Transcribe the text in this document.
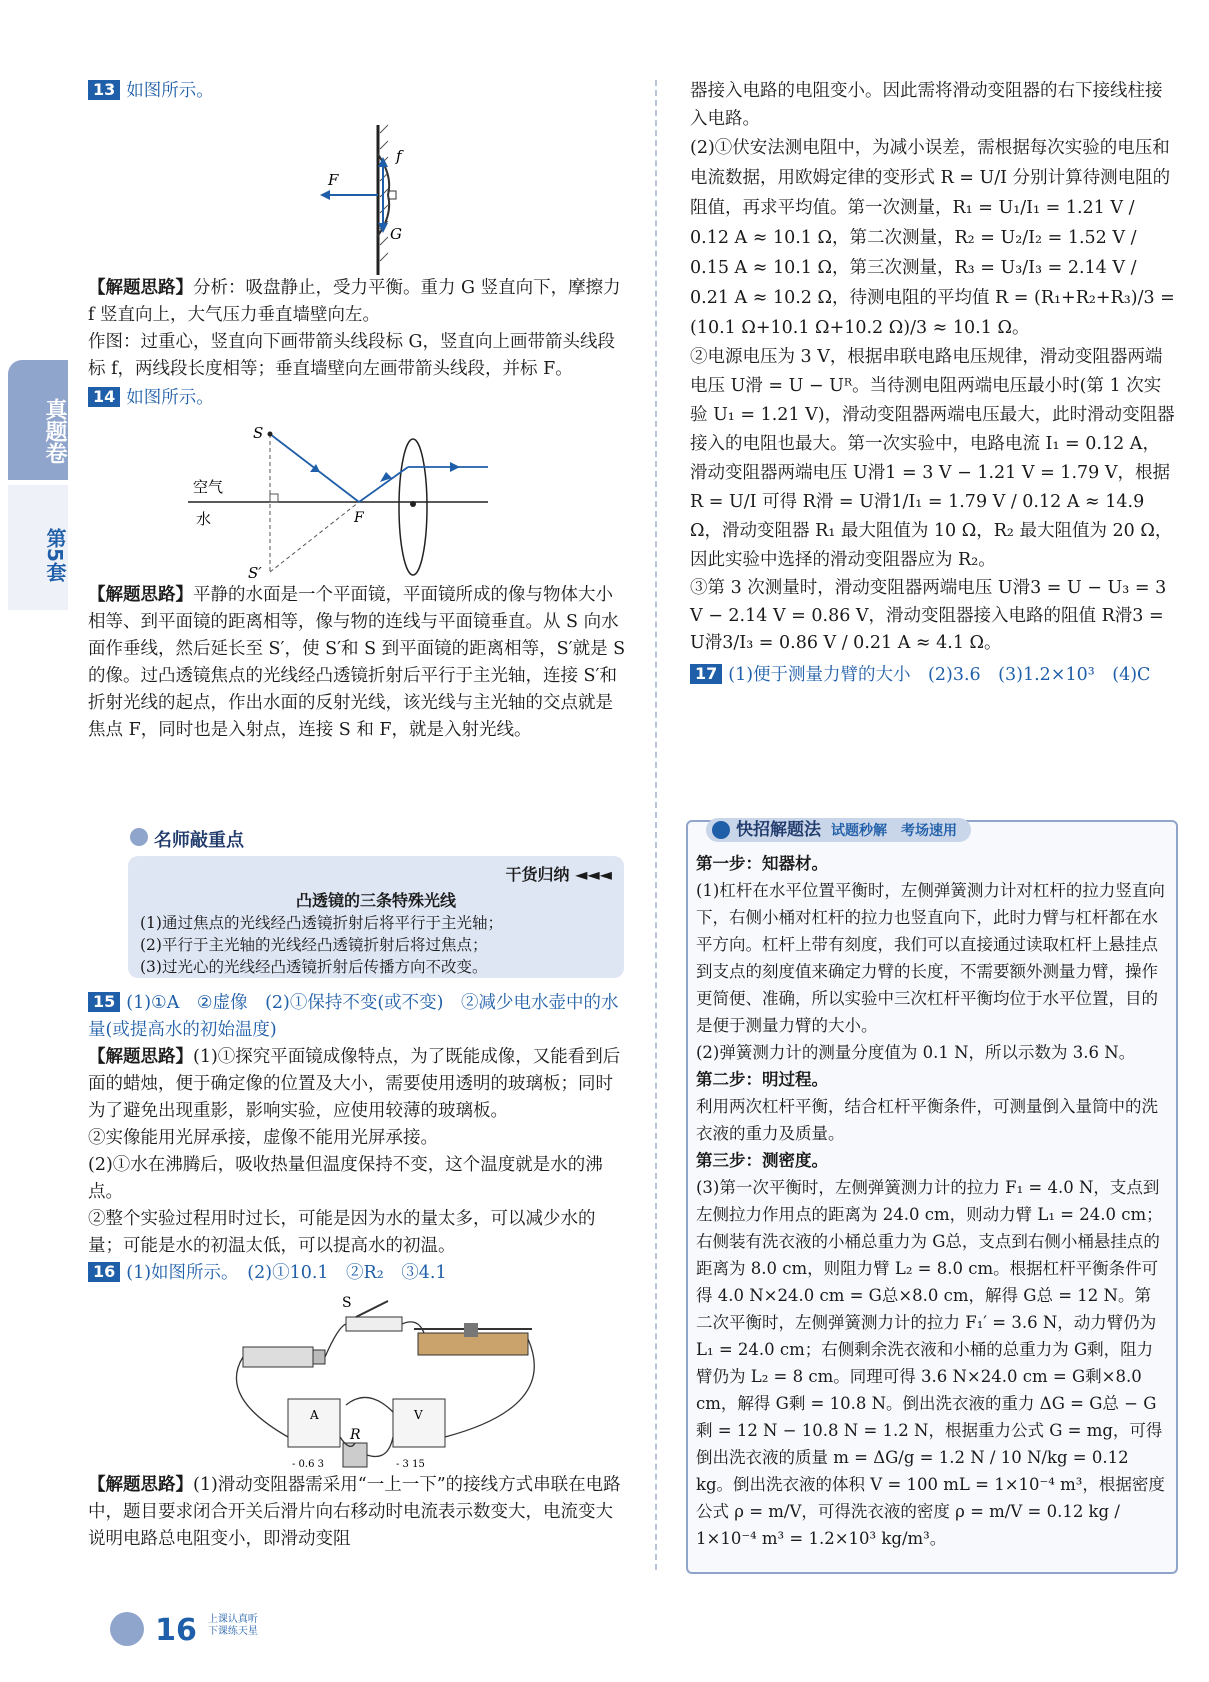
真题卷
第5套

13 如图所示。

F
f
G

【解题思路】分析：吸盘静止，受力平衡。重力 G 竖直向下，摩擦力 f 竖直向上，大气压力垂直墙壁向左。

作图：过重心，竖直向下画带箭头线段标 G，竖直向上画带箭头线段标 f，两线段长度相等；垂直墙壁向左画带箭头线段，并标 F。

14 如图所示。

S
S′
空气
水	F

【解题思路】平静的水面是一个平面镜，平面镜所成的像与物体大小相等、到平面镜的距离相等，像与物的连线与平面镜垂直。从 S 向水面作垂线，然后延长至 S′，使 S′和 S 到平面镜的距离相等，S′就是 S 的像。过凸透镜焦点的光线经凸透镜折射后平行于主光轴，连接 S′和折射光线的起点，作出水面的反射光线，该光线与主光轴的交点就是焦点 F，同时也是入射点，连接 S 和 F，就是入射光线。

名师敲重点
干货归纳 ◄◄◄
凸透镜的三条特殊光线

(1)通过焦点的光线经凸透镜折射后将平行于主光轴；

(2)平行于主光轴的光线经凸透镜折射后将过焦点；

(3)过光心的光线经凸透镜折射后传播方向不改变。

15 (1)①A　②虚像　(2)①保持不变(或不变)　②减少电水壶中的水量(或提高水的初始温度)

【解题思路】(1)①探究平面镜成像特点，为了既能成像，又能看到后面的蜡烛，便于确定像的位置及大小，需要使用透明的玻璃板；同时为了避免出现重影，影响实验，应使用较薄的玻璃板。

②实像能用光屏承接，虚像不能用光屏承接。

(2)①水在沸腾后，吸收热量但温度保持不变，这个温度就是水的沸点。

②整个实验过程用时过长，可能是因为水的量太多，可以减少水的量；可能是水的初温太低，可以提高水的初温。

16 (1)如图所示。　(2)①10.1　②R₂　③4.1

S
A
- 0.6 3
V
- 3 15
R

【解题思路】(1)滑动变阻器需采用“一上一下”的接线方式串联在电路中，题目要求闭合开关后滑片向右移动时电流表示数变大，电流变大说明电路总电阻变小，即滑动变阻

器接入电路的电阻变小。因此需将滑动变阻器的右下接线柱接入电路。

(2)①伏安法测电阻中，为减小误差，需根据每次实验的电压和电流数据，用欧姆定律的变形式 R = U/I 分别计算待测电阻的阻值，再求平均值。第一次测量，R₁ = U₁/I₁ = 1.21 V / 0.12 A ≈ 10.1 Ω，第二次测量，R₂ = U₂/I₂ = 1.52 V / 0.15 A ≈ 10.1 Ω，第三次测量，R₃ = U₃/I₃ = 2.14 V / 0.21 A ≈ 10.2 Ω，待测电阻的平均值 R = (R₁+R₂+R₃)/3 = (10.1 Ω+10.1 Ω+10.2 Ω)/3 ≈ 10.1 Ω。

②电源电压为 3 V，根据串联电路电压规律，滑动变阻器两端电压 U滑 = U − Uᴿ。当待测电阻两端电压最小时(第 1 次实验 U₁ = 1.21 V)，滑动变阻器两端电压最大，此时滑动变阻器接入的电阻也最大。第一次实验中，电路电流 I₁ = 0.12 A，滑动变阻器两端电压 U滑1 = 3 V − 1.21 V = 1.79 V，根据 R = U/I 可得 R滑 = U滑1/I₁ = 1.79 V / 0.12 A ≈ 14.9 Ω，滑动变阻器 R₁ 最大阻值为 10 Ω，R₂ 最大阻值为 20 Ω，因此实验中选择的滑动变阻器应为 R₂。

③第 3 次测量时，滑动变阻器两端电压 U滑3 = U − U₃ = 3 V − 2.14 V = 0.86 V，滑动变阻器接入电路的阻值 R滑3 = U滑3/I₃ = 0.86 V / 0.21 A ≈ 4.1 Ω。

17 (1)便于测量力臂的大小　(2)3.6　(3)1.2×10³　(4)C

快招解题法 试题秒解　考场速用

第一步：知器材。

(1)杠杆在水平位置平衡时，左侧弹簧测力计对杠杆的拉力竖直向下，右侧小桶对杠杆的拉力也竖直向下，此时力臂与杠杆都在水平方向。杠杆上带有刻度，我们可以直接通过读取杠杆上悬挂点到支点的刻度值来确定力臂的长度，不需要额外测量力臂，操作更简便、准确，所以实验中三次杠杆平衡均位于水平位置，目的是便于测量力臂的大小。

(2)弹簧测力计的测量分度值为 0.1 N，所以示数为 3.6 N。

第二步：明过程。

利用两次杠杆平衡，结合杠杆平衡条件，可测量倒入量筒中的洗衣液的重力及质量。

第三步：测密度。

(3)第一次平衡时，左侧弹簧测力计的拉力 F₁ = 4.0 N，支点到左侧拉力作用点的距离为 24.0 cm，则动力臂 L₁ = 24.0 cm；右侧装有洗衣液的小桶总重力为 G总，支点到右侧小桶悬挂点的距离为 8.0 cm，则阻力臂 L₂ = 8.0 cm。根据杠杆平衡条件可得 4.0 N×24.0 cm = G总×8.0 cm，解得 G总 = 12 N。第二次平衡时，左侧弹簧测力计的拉力 F₁′ = 3.6 N，动力臂仍为 L₁ = 24.0 cm；右侧剩余洗衣液和小桶的总重力为 G剩，阻力臂仍为 L₂ = 8 cm。同理可得 3.6 N×24.0 cm = G剩×8.0 cm，解得 G剩 = 10.8 N。倒出洗衣液的重力 ΔG = G总 − G剩 = 12 N − 10.8 N = 1.2 N，根据重力公式 G = mg，可得倒出洗衣液的质量 m = ΔG/g = 1.2 N / 10 N/kg = 0.12 kg。倒出洗衣液的体积 V = 100 mL = 1×10⁻⁴ m³，根据密度公式 ρ = m/V，可得洗衣液的密度 ρ = m/V = 0.12 kg / 1×10⁻⁴ m³ = 1.2×10³ kg/m³。

16 上课认真听
下课练天星
